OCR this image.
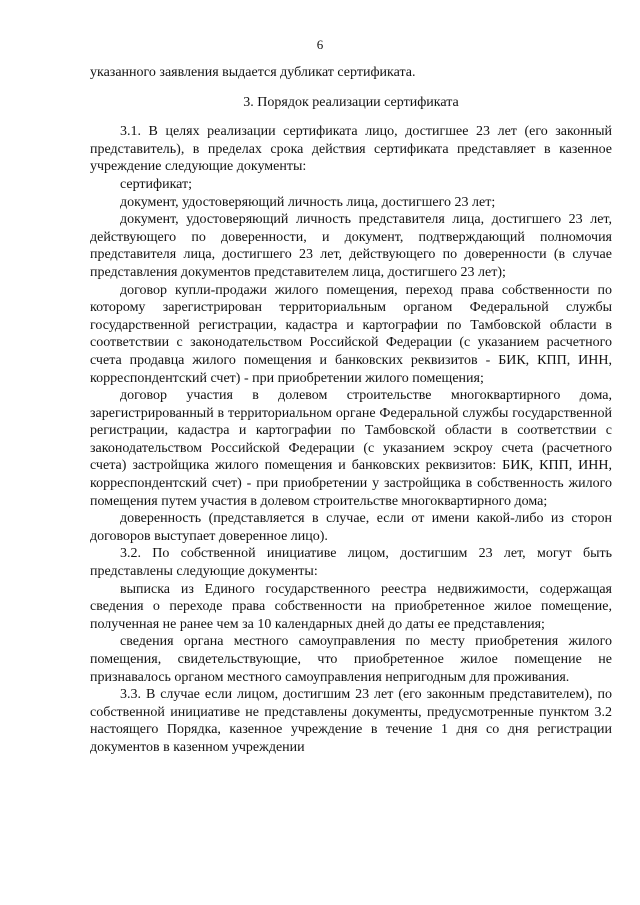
6

указанного заявления выдается дубликат сертификата.

3. Порядок реализации сертификата

3.1. В целях реализации сертификата лицо, достигшее 23 лет (его законный представитель), в пределах срока действия сертификата представляет в казенное учреждение следующие документы:

сертификат;

документ, удостоверяющий личность лица, достигшего 23 лет;

документ, удостоверяющий личность представителя лица, достигшего 23 лет, действующего по доверенности, и документ, подтверждающий полномочия представителя лица, достигшего 23 лет, действующего по доверенности (в случае представления документов представителем лица, достигшего 23 лет);

договор купли-продажи жилого помещения, переход права собственности по которому зарегистрирован территориальным органом Федеральной службы государственной регистрации, кадастра и картографии по Тамбовской области в соответствии с законодательством Российской Федерации (с указанием расчетного счета продавца жилого помещения и банковских реквизитов - БИК, КПП, ИНН, корреспондентский счет) - при приобретении жилого помещения;

договор участия в долевом строительстве многоквартирного дома, зарегистрированный в территориальном органе Федеральной службы государственной регистрации, кадастра и картографии по Тамбовской области в соответствии с законодательством Российской Федерации (с указанием эскроу счета (расчетного счета) застройщика жилого помещения и банковских реквизитов: БИК, КПП, ИНН, корреспондентский счет) - при приобретении у застройщика в собственность жилого помещения путем участия в долевом строительстве многоквартирного дома;

доверенность (представляется в случае, если от имени какой-либо из сторон договоров выступает доверенное лицо).

3.2. По собственной инициативе лицом, достигшим 23 лет, могут быть представлены следующие документы:

выписка из Единого государственного реестра недвижимости, содержащая сведения о переходе права собственности на приобретенное жилое помещение, полученная не ранее чем за 10 календарных дней до даты ее представления;

сведения органа местного самоуправления по месту приобретения жилого помещения, свидетельствующие, что приобретенное жилое помещение не признавалось органом местного самоуправления непригодным для проживания.

3.3. В случае если лицом, достигшим 23 лет (его законным представителем), по собственной инициативе не представлены документы, предусмотренные пунктом 3.2 настоящего Порядка, казенное учреждение в течение 1 дня со дня регистрации документов в казенном учреждении
